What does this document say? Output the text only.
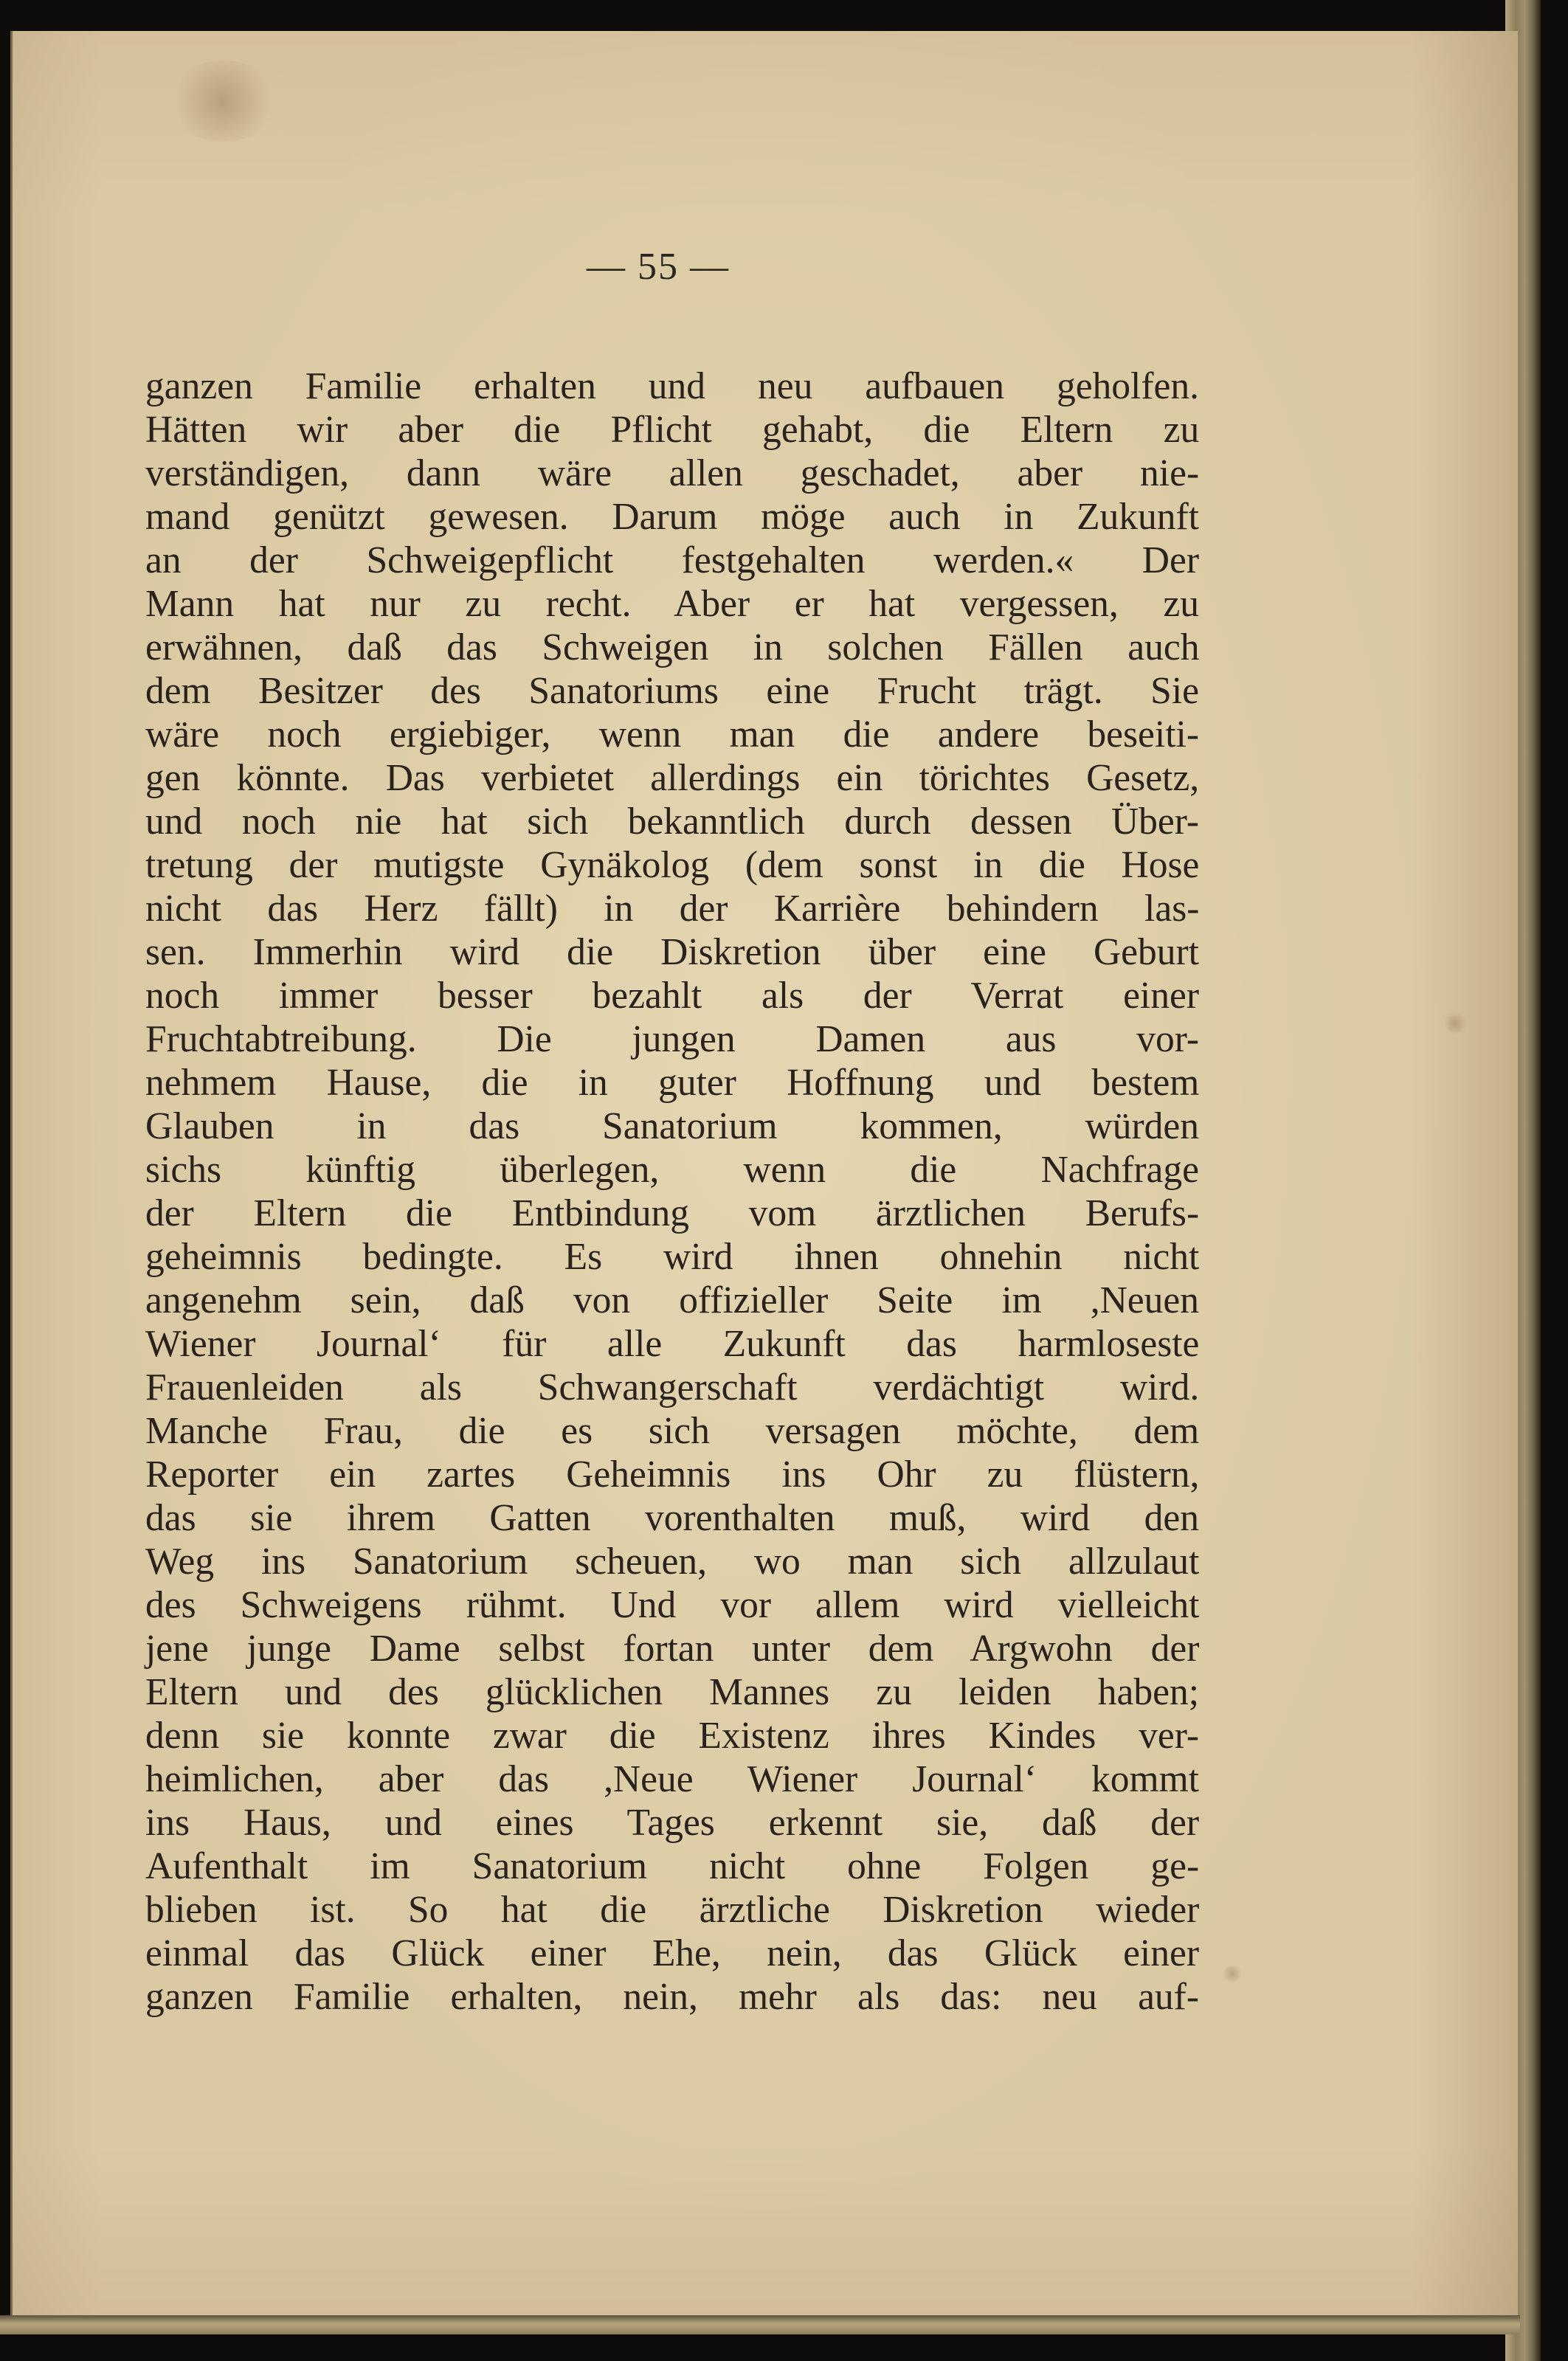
— 55 —
ganzen Familie erhalten und neu aufbauen geholfen.
Hätten wir aber die Pflicht gehabt, die Eltern zu
verständigen, dann wäre allen geschadet, aber nie-
mand genützt gewesen. Darum möge auch in Zukunft
an der Schweigepflicht festgehalten werden.« Der
Mann hat nur zu recht. Aber er hat vergessen, zu
erwähnen, daß das Schweigen in solchen Fällen auch
dem Besitzer des Sanatoriums eine Frucht trägt. Sie
wäre noch ergiebiger, wenn man die andere beseiti-
gen könnte. Das verbietet allerdings ein törichtes Gesetz,
und noch nie hat sich bekanntlich durch dessen Über-
tretung der mutigste Gynäkolog (dem sonst in die Hose
nicht das Herz fällt) in der Karrière behindern las-
sen. Immerhin wird die Diskretion über eine Geburt
noch immer besser bezahlt als der Verrat einer
Fruchtabtreibung. Die jungen Damen aus vor-
nehmem Hause, die in guter Hoffnung und bestem
Glauben in das Sanatorium kommen, würden
sichs künftig überlegen, wenn die Nachfrage
der Eltern die Entbindung vom ärztlichen Berufs-
geheimnis bedingte. Es wird ihnen ohnehin nicht
angenehm sein, daß von offizieller Seite im ,Neuen
Wiener Journal‘ für alle Zukunft das harmloseste
Frauenleiden als Schwangerschaft verdächtigt wird.
Manche Frau, die es sich versagen möchte, dem
Reporter ein zartes Geheimnis ins Ohr zu flüstern,
das sie ihrem Gatten vorenthalten muß, wird den
Weg ins Sanatorium scheuen, wo man sich allzulaut
des Schweigens rühmt. Und vor allem wird vielleicht
jene junge Dame selbst fortan unter dem Argwohn der
Eltern und des glücklichen Mannes zu leiden haben;
denn sie konnte zwar die Existenz ihres Kindes ver-
heimlichen, aber das ,Neue Wiener Journal‘ kommt
ins Haus, und eines Tages erkennt sie, daß der
Aufenthalt im Sanatorium nicht ohne Folgen ge-
blieben ist. So hat die ärztliche Diskretion wieder
einmal das Glück einer Ehe, nein, das Glück einer
ganzen Familie erhalten, nein, mehr als das: neu auf-
